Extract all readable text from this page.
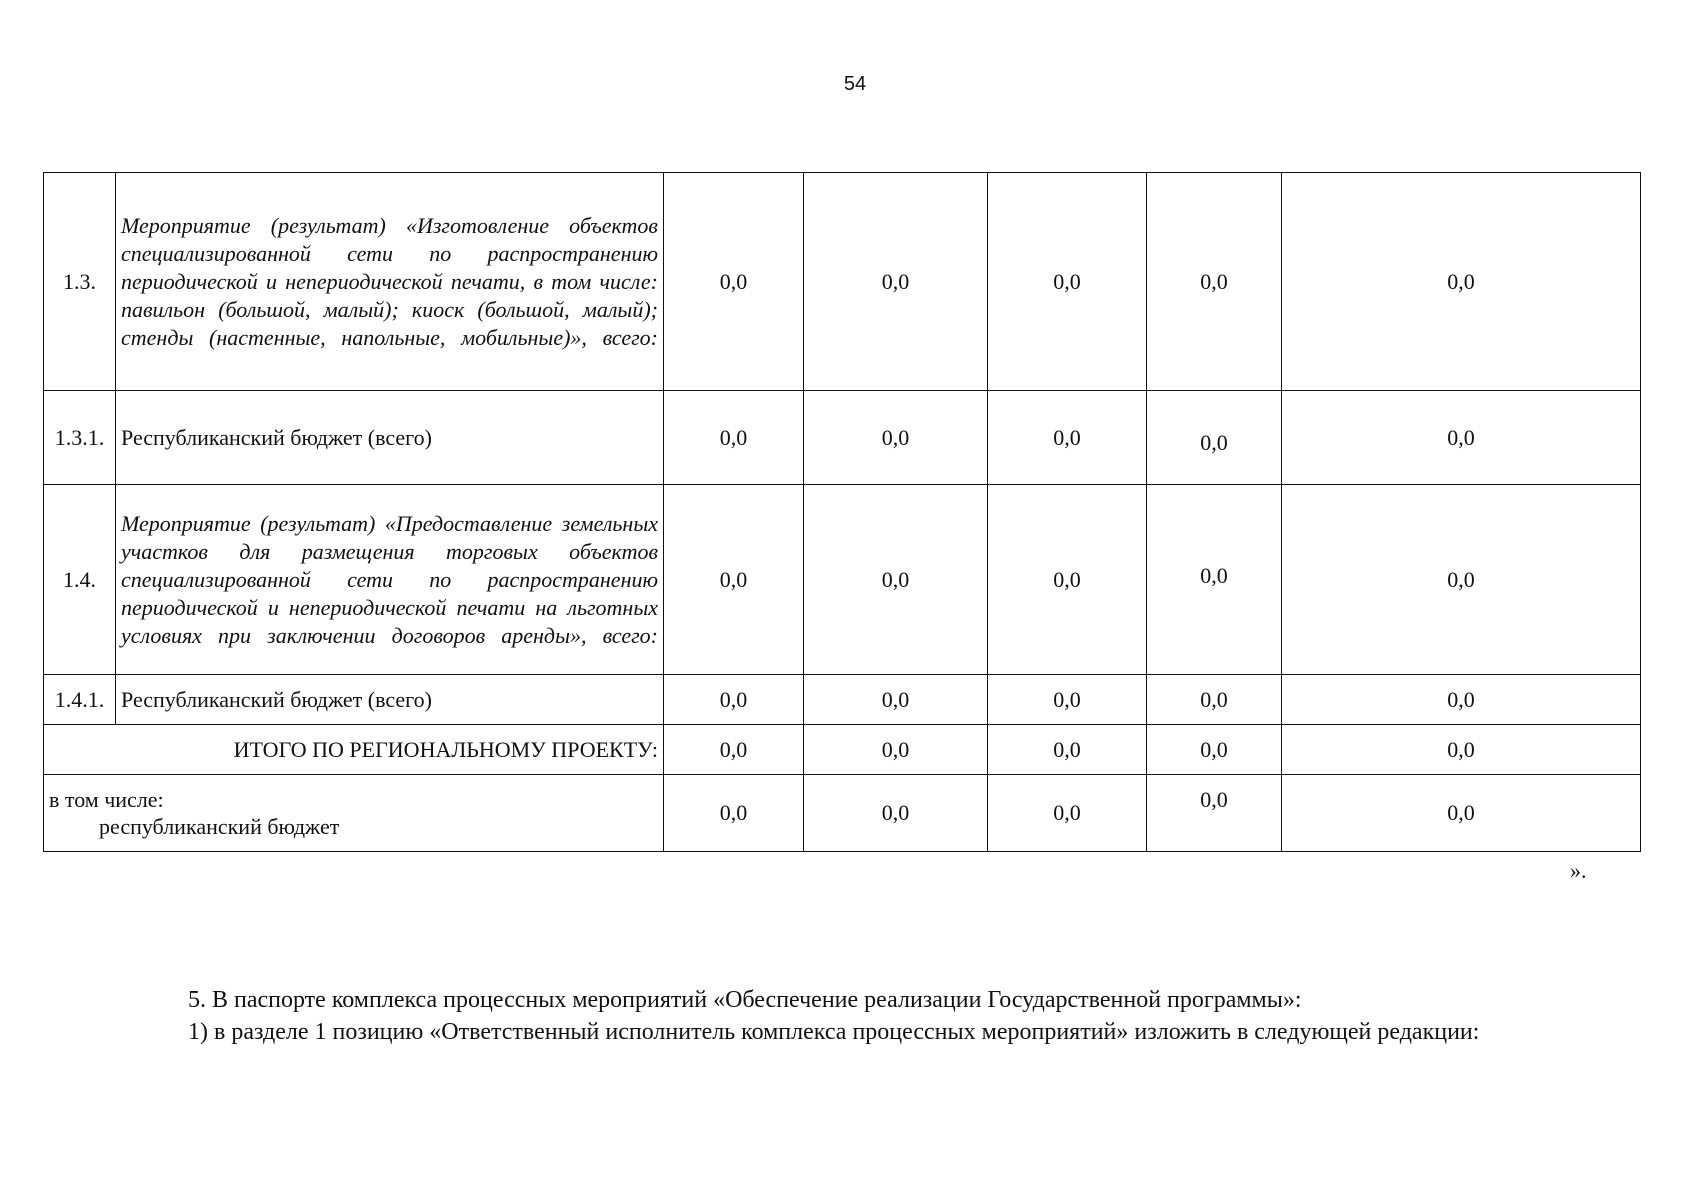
54
1.3.	Мероприятие (результат) «Изготовление объектов специализированной сети по распространению периодической и непериодической печати, в том числе: павильон (большой, малый); киоск (большой, малый); стенды (настенные, напольные, мобильные)», всего:	0,0	0,0	0,0	0,0	0,0
1.3.1.	Республиканский бюджет (всего)	0,0	0,0	0,0	0,0	0,0
1.4.	Мероприятие (результат) «Предоставление земельных участков для размещения торговых объектов специализированной сети по распространению периодической и непериодической печати на льготных условиях при заключении договоров аренды», всего:	0,0	0,0	0,0	0,0	0,0
1.4.1.	Республиканский бюджет (всего)	0,0	0,0	0,0	0,0	0,0
ИТОГО ПО РЕГИОНАЛЬНОМУ ПРОЕКТУ:		0,0	0,0	0,0	0,0	0,0

в том числе:
республиканский бюджет		0,0	0,0	0,0	0,0	0,0
».
5. В паспорте комплекса процессных мероприятий «Обеспечение реализации Государственной программы»:
1) в разделе 1 позицию «Ответственный исполнитель комплекса процессных мероприятий» изложить в следующей редакции:
